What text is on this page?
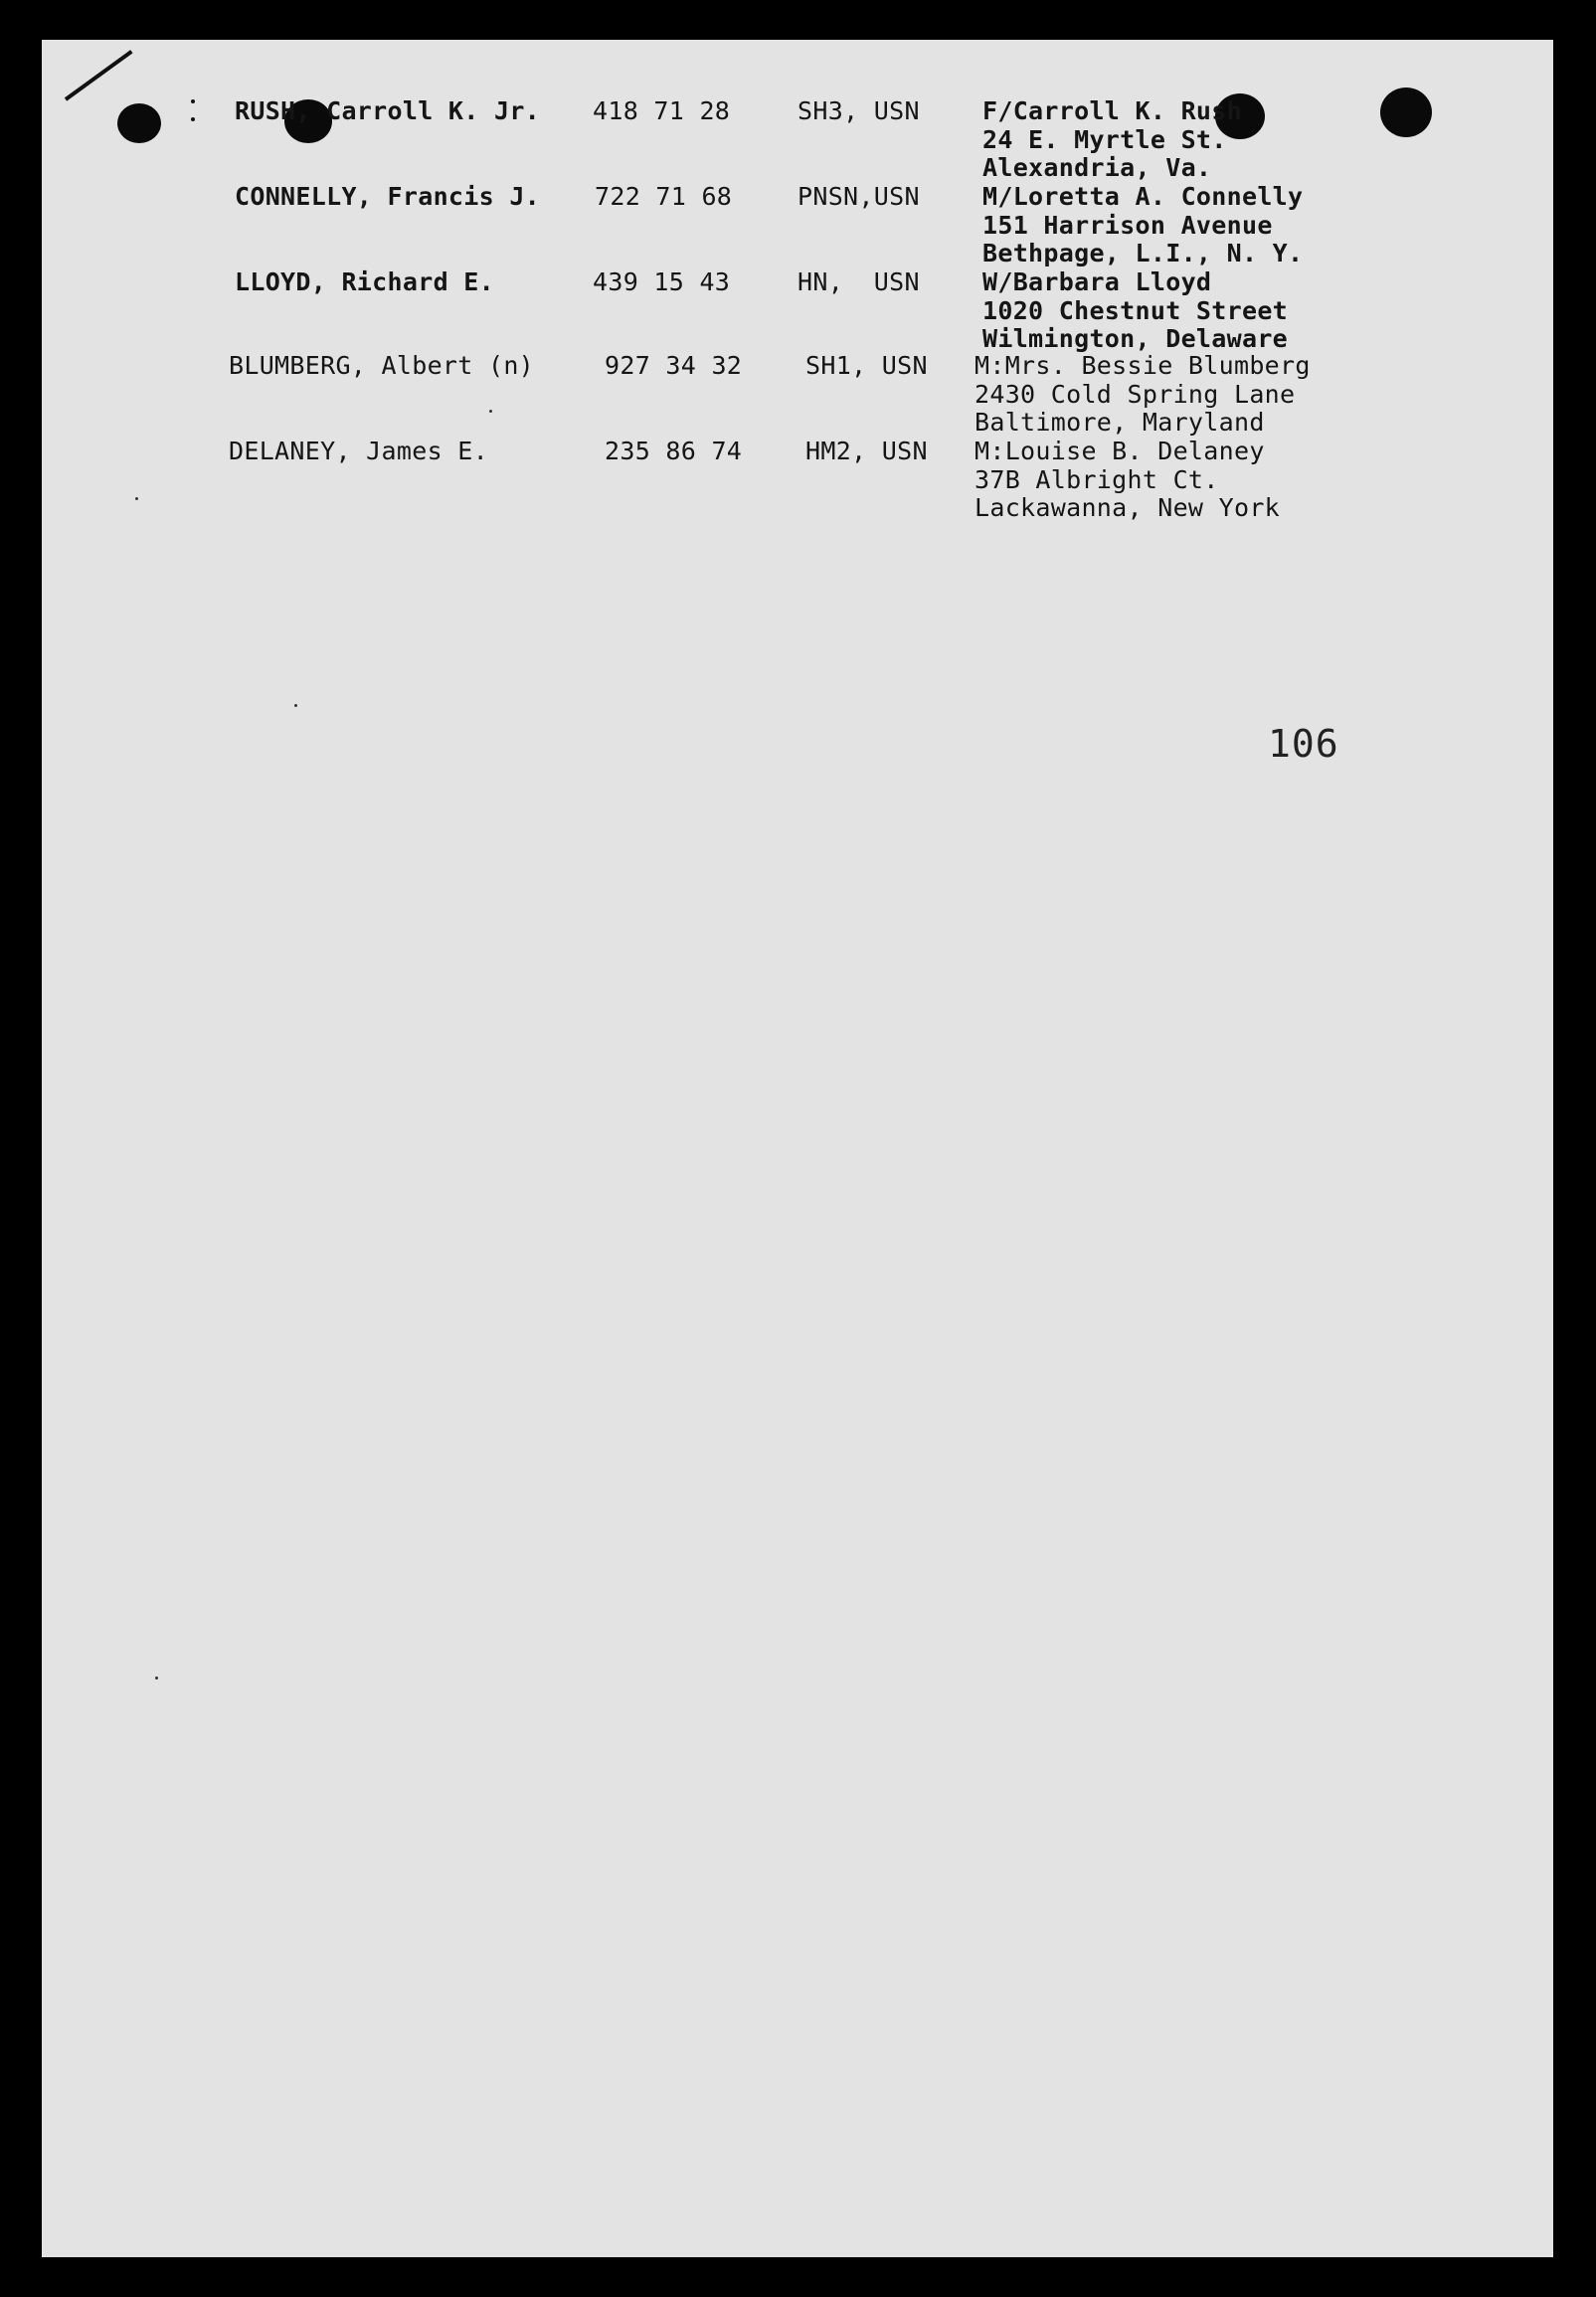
RUSH, Carroll K. Jr. 418 71 28	SH3, USN	F/Carroll K. Rush
24 E. Myrtle St.
Alexandria, Va.
CONNELLY, Francis J. 722 71 68	PNSN,USN	M/Loretta A. Connelly
151 Harrison Avenue
Bethpage, L.I., N. Y.
LLOYD, Richard E.	439 15 43	HN,  USN	W/Barbara Lloyd
1020 Chestnut Street
Wilmington, Delaware
BLUMBERG, Albert (n)	927 34 32	SH1, USN M:Mrs. Bessie Blumberg
2430 Cold Spring Lane
Baltimore, Maryland
DELANEY, James E.	235 86 74	HM2, USN M:Louise B. Delaney
37B Albright Ct.
Lackawanna, New York
106
